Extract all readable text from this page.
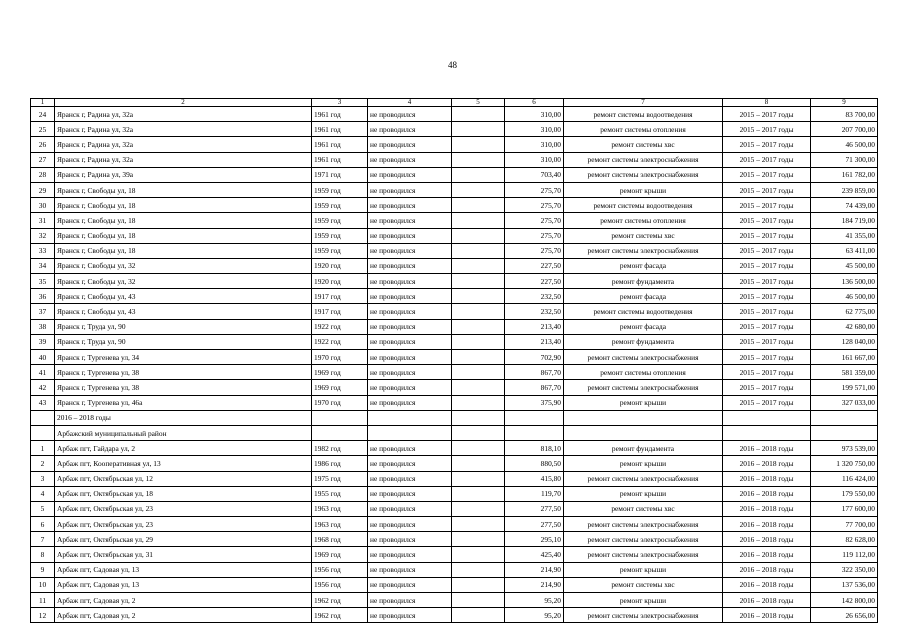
48
1	2	3	4	5	6	7	8	9
24	Яранск г, Радина ул, 32а	1961 год	не проводился		310,00	ремонт системы водоотведения	2015 – 2017 годы	83 700,00
25	Яранск г, Радина ул, 32а	1961 год	не проводился		310,00	ремонт системы отопления	2015 – 2017 годы	207 700,00
26	Яранск г, Радина ул, 32а	1961 год	не проводился		310,00	ремонт системы хвс	2015 – 2017 годы	46 500,00
27	Яранск г, Радина ул, 32а	1961 год	не проводился		310,00	ремонт системы электроснабжения	2015 – 2017 годы	71 300,00
28	Яранск г, Радина ул, 39а	1971 год	не проводился		703,40	ремонт системы электроснабжения	2015 – 2017 годы	161 782,00
29	Яранск г, Свободы ул, 18	1959 год	не проводился		275,70	ремонт крыши	2015 – 2017 годы	239 859,00
30	Яранск г, Свободы ул, 18	1959 год	не проводился		275,70	ремонт системы водоотведения	2015 – 2017 годы	74 439,00
31	Яранск г, Свободы ул, 18	1959 год	не проводился		275,70	ремонт системы отопления	2015 – 2017 годы	184 719,00
32	Яранск г, Свободы ул, 18	1959 год	не проводился		275,70	ремонт системы хвс	2015 – 2017 годы	41 355,00
33	Яранск г, Свободы ул, 18	1959 год	не проводился		275,70	ремонт системы электроснабжения	2015 – 2017 годы	63 411,00
34	Яранск г, Свободы ул, 32	1920 год	не проводился		227,50	ремонт фасада	2015 – 2017 годы	45 500,00
35	Яранск г, Свободы ул, 32	1920 год	не проводился		227,50	ремонт фундамента	2015 – 2017 годы	136 500,00
36	Яранск г, Свободы ул, 43	1917 год	не проводился		232,50	ремонт фасада	2015 – 2017 годы	46 500,00
37	Яранск г, Свободы ул, 43	1917 год	не проводился		232,50	ремонт системы водоотведения	2015 – 2017 годы	62 775,00
38	Яранск г, Труда ул, 90	1922 год	не проводился		213,40	ремонт фасада	2015 – 2017 годы	42 680,00
39	Яранск г, Труда ул, 90	1922 год	не проводился		213,40	ремонт фундамента	2015 – 2017 годы	128 040,00
40	Яранск г, Тургенева ул, 34	1970 год	не проводился		702,90	ремонт системы электроснабжения	2015 – 2017 годы	161 667,00
41	Яранск г, Тургенева ул, 38	1969 год	не проводился		867,70	ремонт системы отопления	2015 – 2017 годы	581 359,00
42	Яранск г, Тургенева ул, 38	1969 год	не проводился		867,70	ремонт системы электроснабжения	2015 – 2017 годы	199 571,00
43	Яранск г, Тургенева ул, 46а	1970 год	не проводился		375,90	ремонт крыши	2015 – 2017 годы	327 033,00
	2016 – 2018 годы							
	Арбажский муниципальный район							
1	Арбаж пгт, Гайдара ул, 2	1982 год	не проводился		818,10	ремонт фундамента	2016 – 2018 годы	973 539,00
2	Арбаж пгт, Кооперативная ул, 13	1986 год	не проводился		880,50	ремонт крыши	2016 – 2018 годы	1 320 750,00
3	Арбаж пгт, Октябрьская ул, 12	1975 год	не проводился		415,80	ремонт системы электроснабжения	2016 – 2018 годы	116 424,00
4	Арбаж пгт, Октябрьская ул, 18	1955 год	не проводился		119,70	ремонт крыши	2016 – 2018 годы	179 550,00
5	Арбаж пгт, Октябрьская ул, 23	1963 год	не проводился		277,50	ремонт системы хвс	2016 – 2018 годы	177 600,00
6	Арбаж пгт, Октябрьская ул, 23	1963 год	не проводился		277,50	ремонт системы электроснабжения	2016 – 2018 годы	77 700,00
7	Арбаж пгт, Октябрьская ул, 29	1968 год	не проводился		295,10	ремонт системы электроснабжения	2016 – 2018 годы	82 628,00
8	Арбаж пгт, Октябрьская ул, 31	1969 год	не проводился		425,40	ремонт системы электроснабжения	2016 – 2018 годы	119 112,00
9	Арбаж пгт, Садовая ул, 13	1956 год	не проводился		214,90	ремонт крыши	2016 – 2018 годы	322 350,00
10	Арбаж пгт, Садовая ул, 13	1956 год	не проводился		214,90	ремонт системы хвс	2016 – 2018 годы	137 536,00
11	Арбаж пгт, Садовая ул, 2	1962 год	не проводился		95,20	ремонт крыши	2016 – 2018 годы	142 800,00
12	Арбаж пгт, Садовая ул, 2	1962 год	не проводился		95,20	ремонт системы электроснабжения	2016 – 2018 годы	26 656,00
